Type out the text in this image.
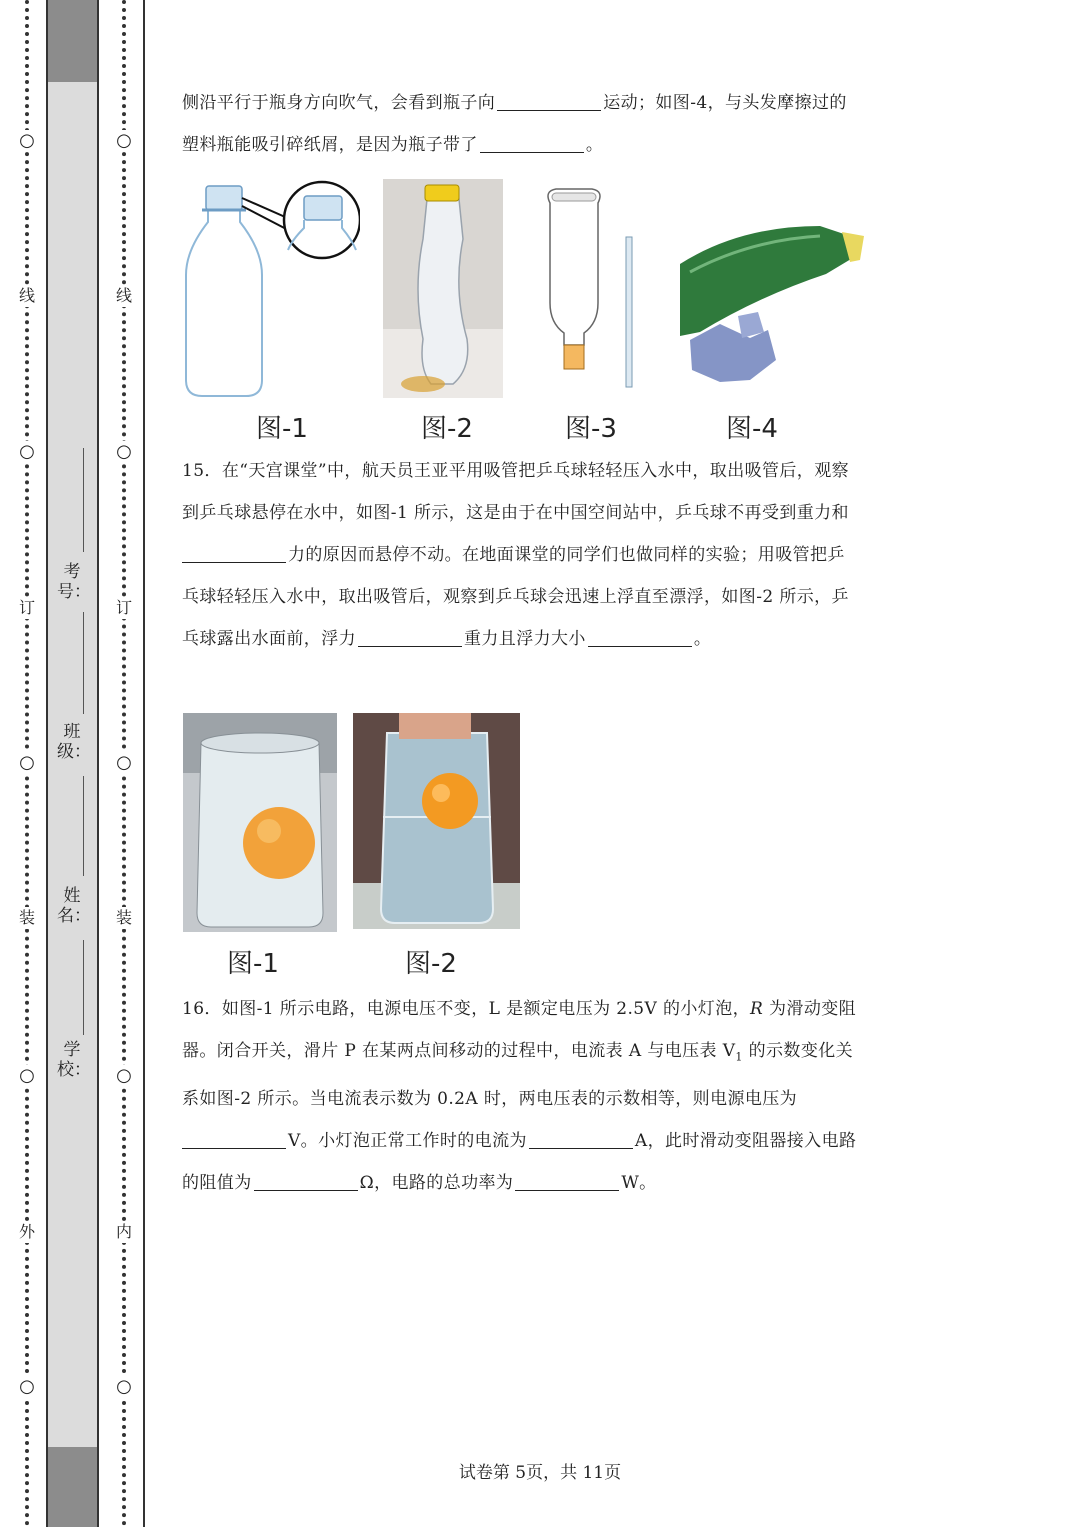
○
线
○
订
○
装
○
外
○
考号：
班级：
姓名：
学校：
○
线
○
订
○
装
○
内
○
侧沿平行于瓶身方向吹气，会看到瓶子向	运动；如图-4，与头发摩擦过的
塑料瓶能吸引碎纸屑，是因为瓶子带了	。
图-1	图-2	图-3	图-4
15．在“天宫课堂”中，航天员王亚平用吸管把乒乓球轻轻压入水中，取出吸管后，观察
到乒乓球悬停在水中，如图-1 所示，这是由于在中国空间站中，乒乓球不再受到重力和
力的原因而悬停不动。在地面课堂的同学们也做同样的实验；用吸管把乒
乓球轻轻压入水中，取出吸管后，观察到乒乓球会迅速上浮直至漂浮，如图-2 所示，乒
乓球露出水面前，浮力	重力且浮力大小	。
图-1	图-2
16．如图-1 所示电路，电源电压不变，L 是额定电压为 2.5V 的小灯泡，R 为滑动变阻
器。闭合开关，滑片 P 在某两点间移动的过程中，电流表 A 与电压表 $V_1$ 的示数变化关
系如图-2 所示。当电流表示数为 0.2A 时，两电压表的示数相等，则电源电压为
V。小灯泡正常工作时的电流为	A，此时滑动变阻器接入电路
的阻值为	Ω，电路的总功率为	W。
试卷第 5页，共 11页
